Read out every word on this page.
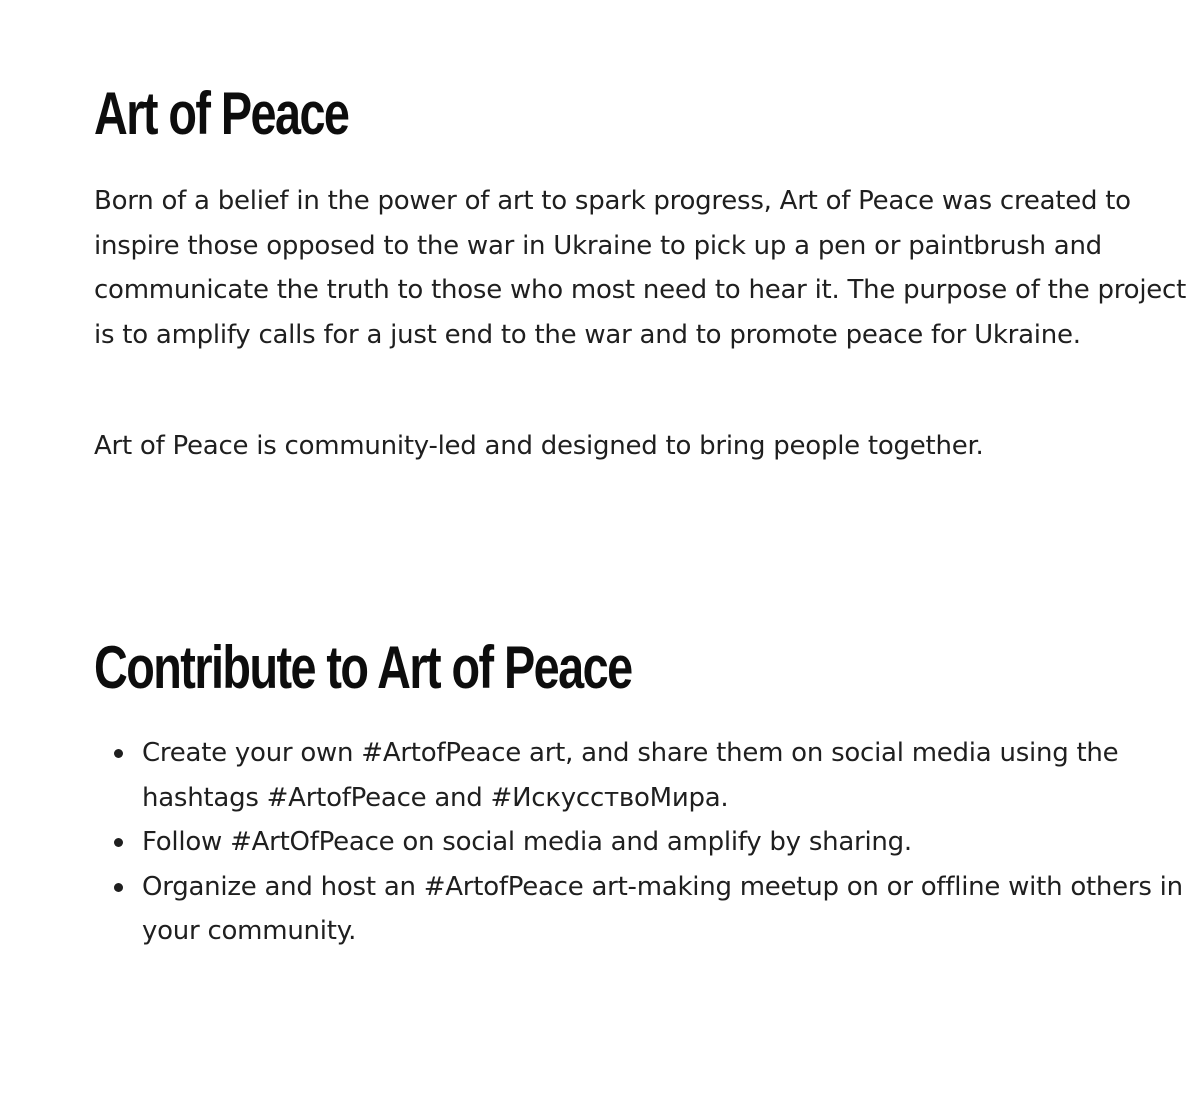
Art of Peace

Born of a belief in the power of art to spark progress, Art of Peace was created to inspire those opposed to the war in Ukraine to pick up a pen or paintbrush and communicate the truth to those who most need to hear it. The purpose of the project is to amplify calls for a just end to the war and to promote peace for Ukraine.

Art of Peace is community-led and designed to bring people together.

Contribute to Art of Peace
Create your own #ArtofPeace art, and share them on social media using the hashtags #ArtofPeace and #ИскусствоМира.
Follow #ArtOfPeace on social media and amplify by sharing.
Organize and host an #ArtofPeace art-making meetup on or offline with others in your community.
